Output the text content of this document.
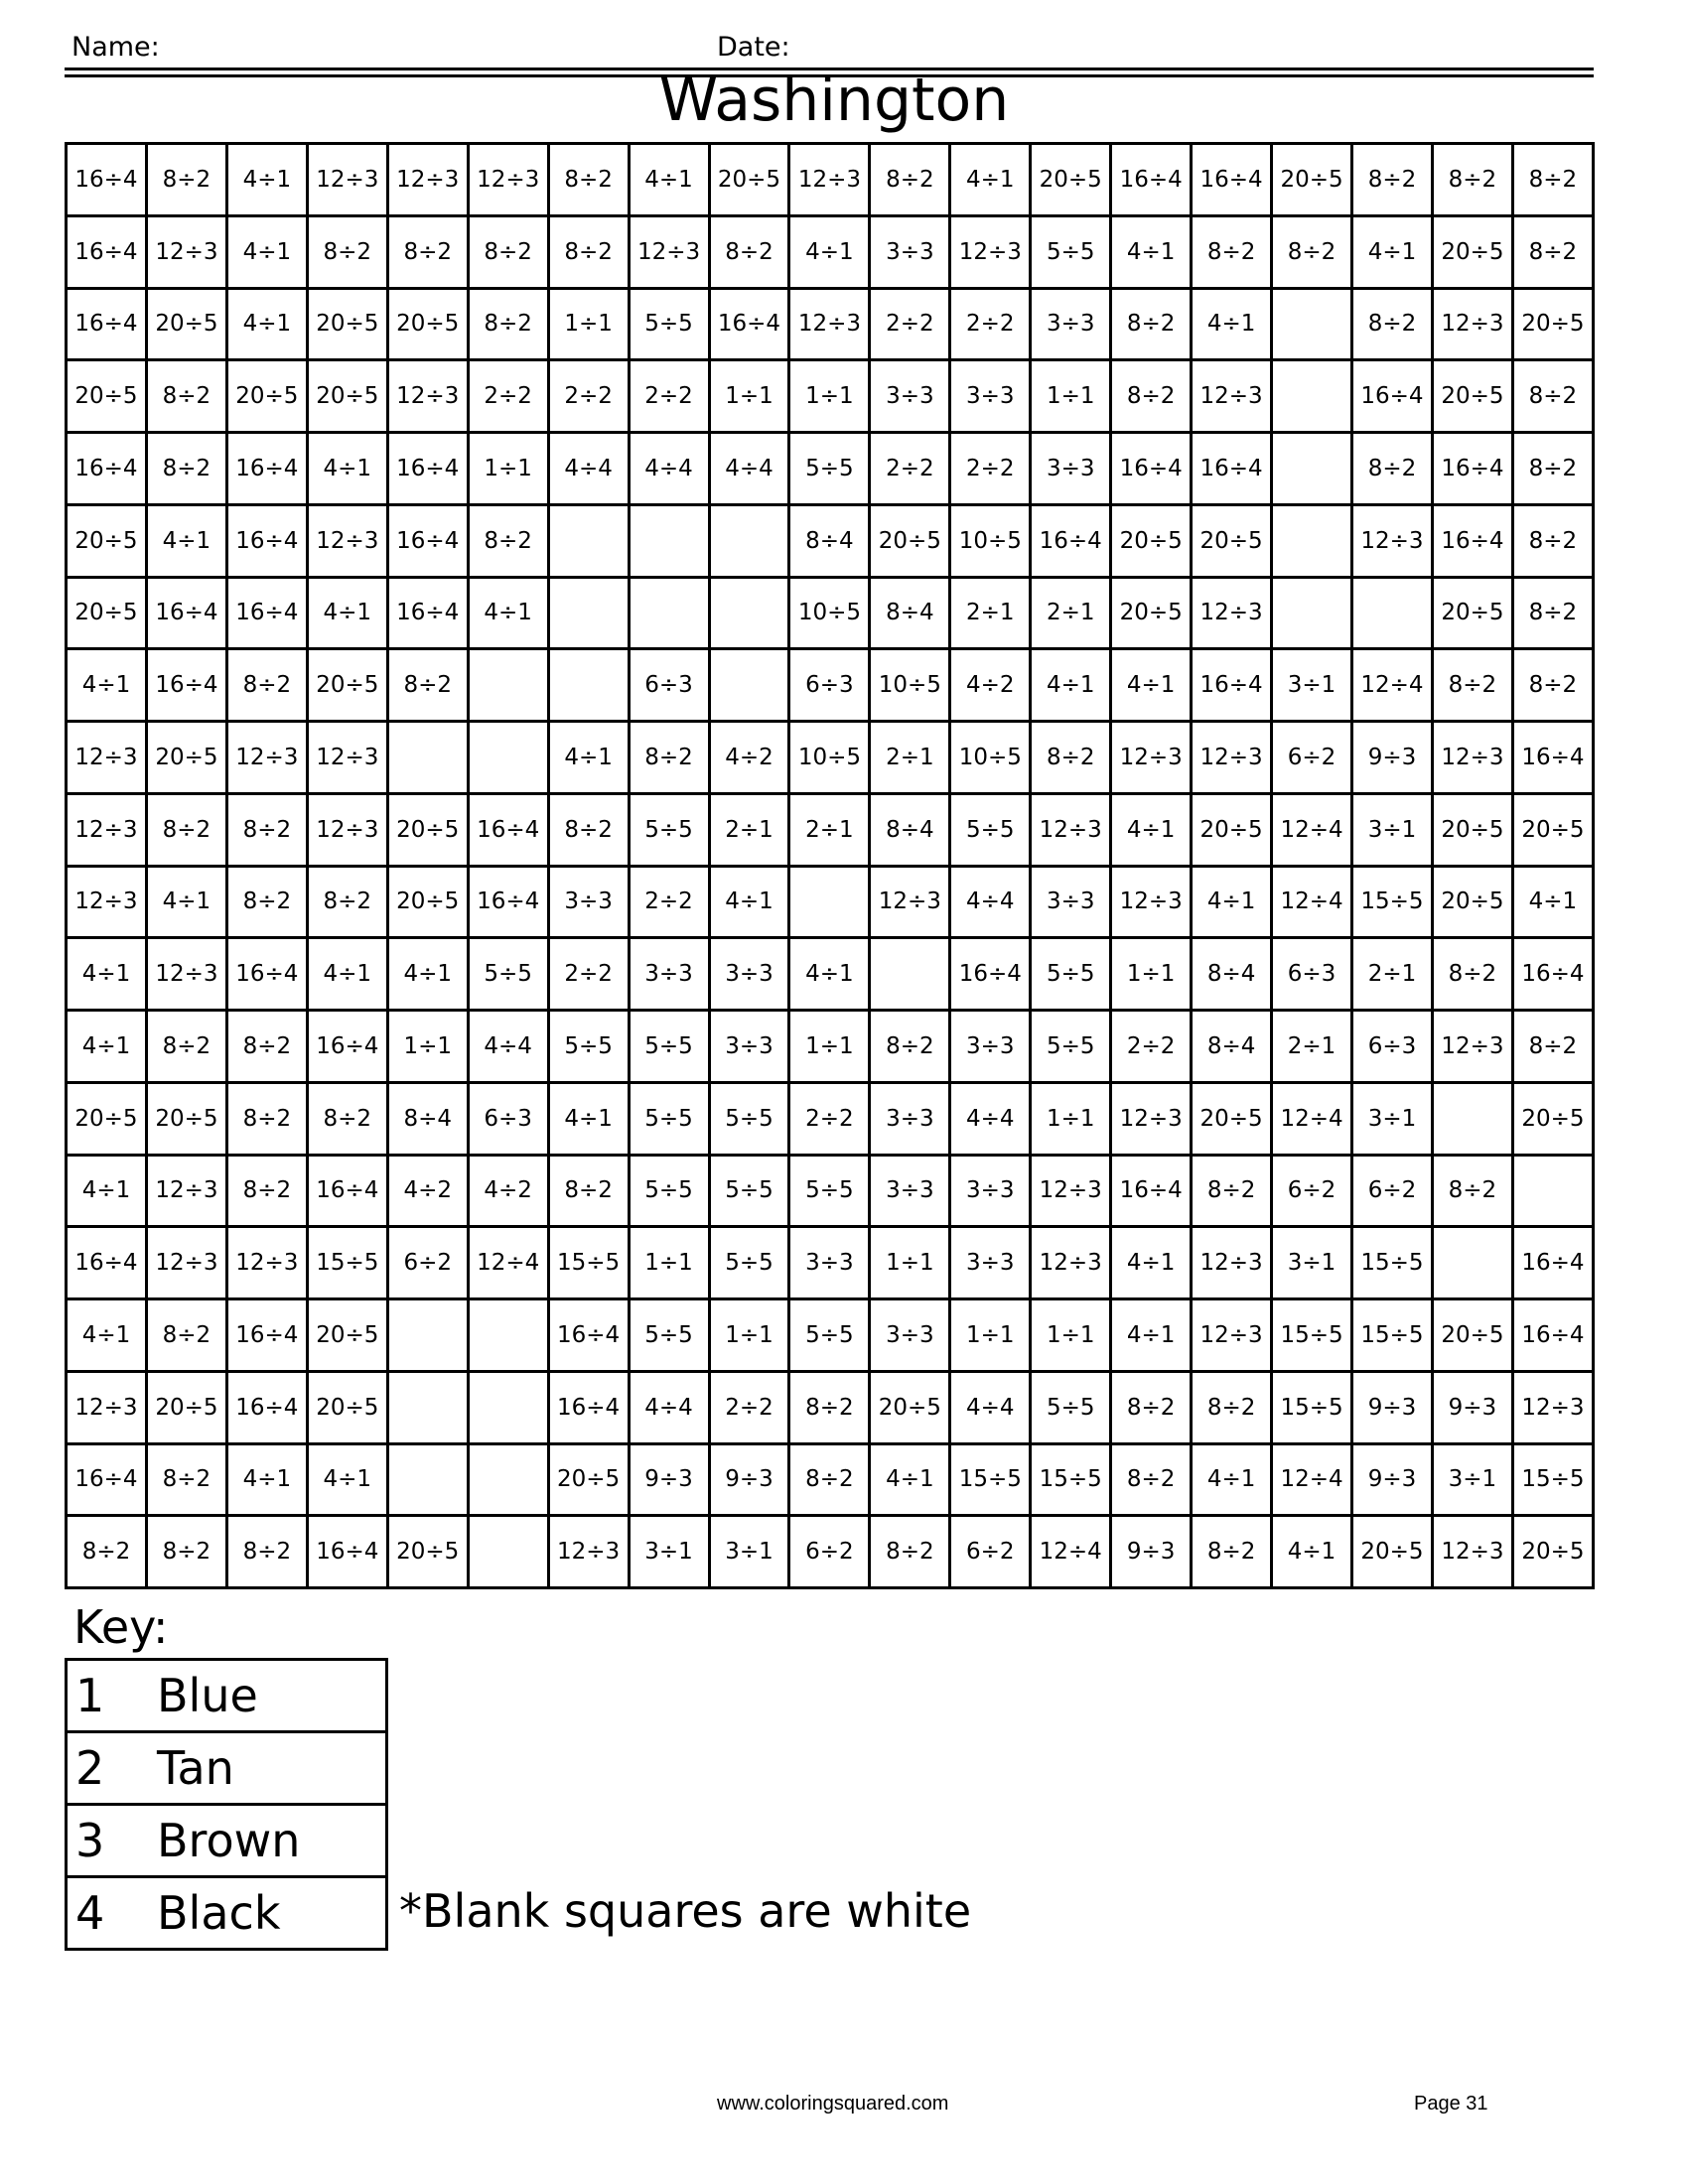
Name:	Date:
Washington
16÷4	8÷2	4÷1	12÷3	12÷3	12÷3	8÷2	4÷1	20÷5	12÷3	8÷2	4÷1	20÷5	16÷4	16÷4	20÷5	8÷2	8÷2	8÷2
16÷4	12÷3	4÷1	8÷2	8÷2	8÷2	8÷2	12÷3	8÷2	4÷1	3÷3	12÷3	5÷5	4÷1	8÷2	8÷2	4÷1	20÷5	8÷2
16÷4	20÷5	4÷1	20÷5	20÷5	8÷2	1÷1	5÷5	16÷4	12÷3	2÷2	2÷2	3÷3	8÷2	4÷1		8÷2	12÷3	20÷5
20÷5	8÷2	20÷5	20÷5	12÷3	2÷2	2÷2	2÷2	1÷1	1÷1	3÷3	3÷3	1÷1	8÷2	12÷3		16÷4	20÷5	8÷2
16÷4	8÷2	16÷4	4÷1	16÷4	1÷1	4÷4	4÷4	4÷4	5÷5	2÷2	2÷2	3÷3	16÷4	16÷4		8÷2	16÷4	8÷2
20÷5	4÷1	16÷4	12÷3	16÷4	8÷2				8÷4	20÷5	10÷5	16÷4	20÷5	20÷5		12÷3	16÷4	8÷2
20÷5	16÷4	16÷4	4÷1	16÷4	4÷1				10÷5	8÷4	2÷1	2÷1	20÷5	12÷3			20÷5	8÷2
4÷1	16÷4	8÷2	20÷5	8÷2			6÷3		6÷3	10÷5	4÷2	4÷1	4÷1	16÷4	3÷1	12÷4	8÷2	8÷2
12÷3	20÷5	12÷3	12÷3			4÷1	8÷2	4÷2	10÷5	2÷1	10÷5	8÷2	12÷3	12÷3	6÷2	9÷3	12÷3	16÷4
12÷3	8÷2	8÷2	12÷3	20÷5	16÷4	8÷2	5÷5	2÷1	2÷1	8÷4	5÷5	12÷3	4÷1	20÷5	12÷4	3÷1	20÷5	20÷5
12÷3	4÷1	8÷2	8÷2	20÷5	16÷4	3÷3	2÷2	4÷1		12÷3	4÷4	3÷3	12÷3	4÷1	12÷4	15÷5	20÷5	4÷1
4÷1	12÷3	16÷4	4÷1	4÷1	5÷5	2÷2	3÷3	3÷3	4÷1		16÷4	5÷5	1÷1	8÷4	6÷3	2÷1	8÷2	16÷4
4÷1	8÷2	8÷2	16÷4	1÷1	4÷4	5÷5	5÷5	3÷3	1÷1	8÷2	3÷3	5÷5	2÷2	8÷4	2÷1	6÷3	12÷3	8÷2
20÷5	20÷5	8÷2	8÷2	8÷4	6÷3	4÷1	5÷5	5÷5	2÷2	3÷3	4÷4	1÷1	12÷3	20÷5	12÷4	3÷1		20÷5
4÷1	12÷3	8÷2	16÷4	4÷2	4÷2	8÷2	5÷5	5÷5	5÷5	3÷3	3÷3	12÷3	16÷4	8÷2	6÷2	6÷2	8÷2	
16÷4	12÷3	12÷3	15÷5	6÷2	12÷4	15÷5	1÷1	5÷5	3÷3	1÷1	3÷3	12÷3	4÷1	12÷3	3÷1	15÷5		16÷4
4÷1	8÷2	16÷4	20÷5			16÷4	5÷5	1÷1	5÷5	3÷3	1÷1	1÷1	4÷1	12÷3	15÷5	15÷5	20÷5	16÷4
12÷3	20÷5	16÷4	20÷5			16÷4	4÷4	2÷2	8÷2	20÷5	4÷4	5÷5	8÷2	8÷2	15÷5	9÷3	9÷3	12÷3
16÷4	8÷2	4÷1	4÷1			20÷5	9÷3	9÷3	8÷2	4÷1	15÷5	15÷5	8÷2	4÷1	12÷4	9÷3	3÷1	15÷5
8÷2	8÷2	8÷2	16÷4	20÷5		12÷3	3÷1	3÷1	6÷2	8÷2	6÷2	12÷4	9÷3	8÷2	4÷1	20÷5	12÷3	20÷5
Key:
1 Blue
2 Tan
3 Brown
4 Black	*Blank squares are white
www.coloringsquared.com	Page 31
